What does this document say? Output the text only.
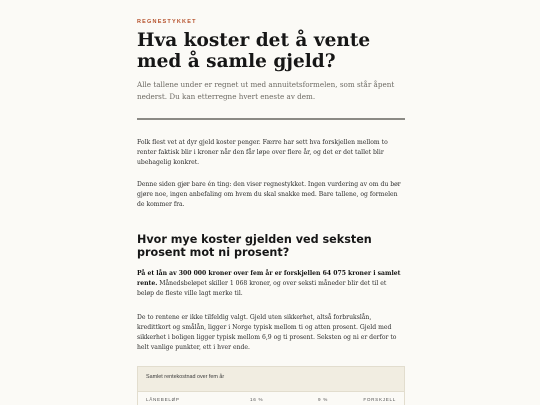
REGNESTYKKET
Hva koster det å vente med å samle gjeld?

Alle tallene under er regnet ut med annuitetsformelen, som står åpent nederst. Du kan etterregne hvert eneste av dem.

Folk flest vet at dyr gjeld koster penger. Færre har sett hva forskjellen mellom to renter faktisk blir i kroner når den får løpe over flere år, og det er det tallet blir ubehagelig konkret.

Denne siden gjør bare én ting: den viser regnestykket. Ingen vurdering av om du bør gjøre noe, ingen anbefaling om hvem du skal snakke med. Bare tallene, og formelen de kommer fra.

Hvor mye koster gjelden ved seksten prosent mot ni prosent?

På et lån av 300 000 kroner over fem år er forskjellen 64 075 kroner i samlet rente. Månedsbeløpet skiller 1 068 kroner, og over seksti måneder blir det til et beløp de fleste ville lagt merke til.

De to rentene er ikke tilfeldig valgt. Gjeld uten sikkerhet, altså forbrukslån, kredittkort og smålån, ligger i Norge typisk mellom ti og atten prosent. Gjeld med sikkerhet i boligen ligger typisk mellom 6,9 og ti prosent. Seksten og ni er derfor to helt vanlige punkter, ett i hver ende.

Samlet rentekostnad over fem år
LÅNEBELØP	16 %	9 %	FORSKJELL
